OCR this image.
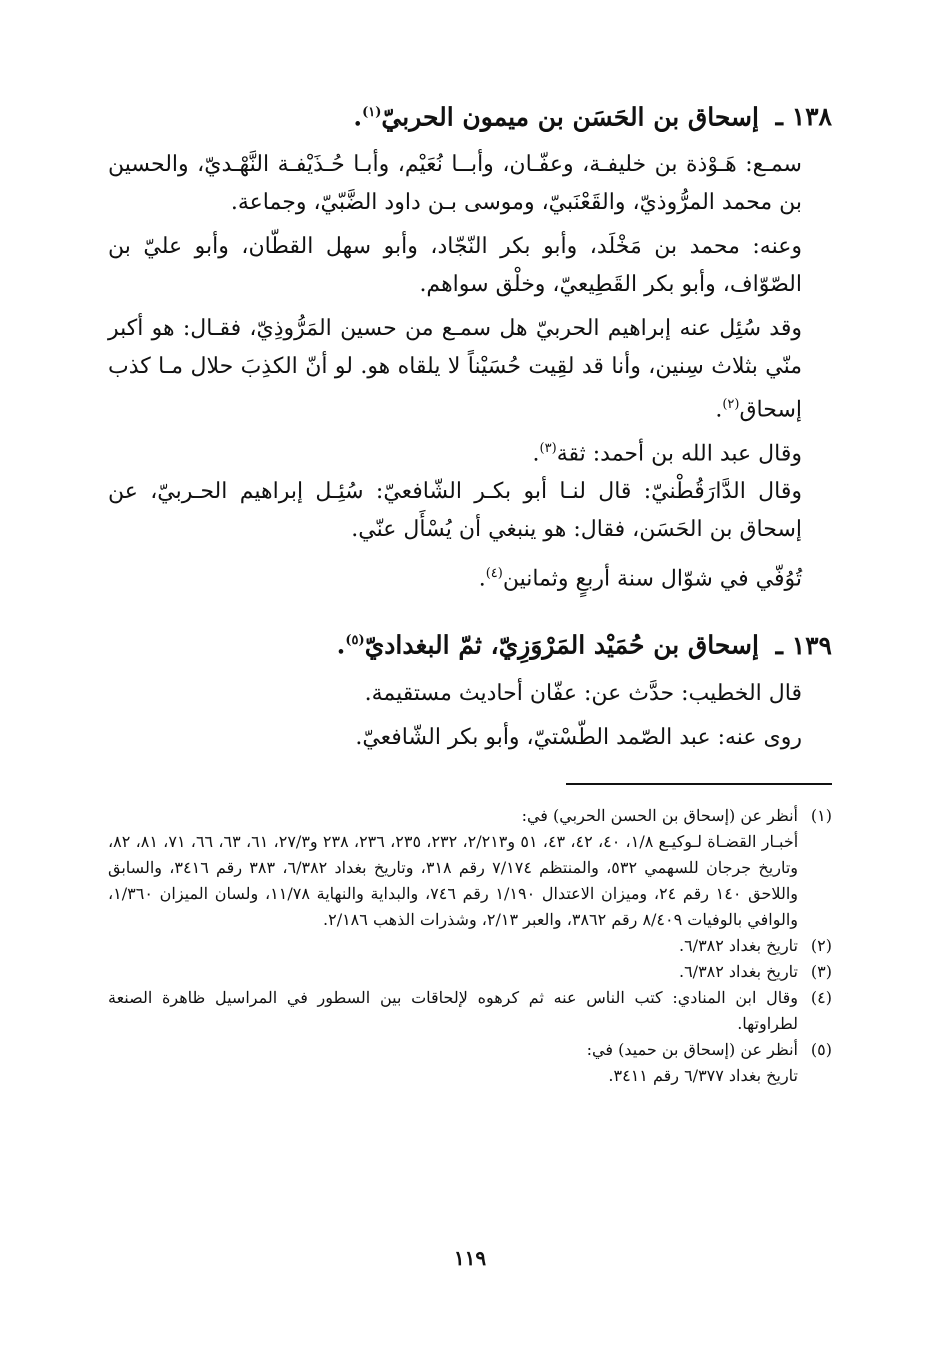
١٣٨ ـ إسحاق بن الحَسَن بن ميمون الحربيّ$^{(١)}$.

سمـع: هَـوْذة بن خليفـة، وعفّـان، وأبــا نُعَيْم، وأبـا حُـذَيْفـة النَّهْـديّ، والحسين بن محمد المرُّوذيّ، والقَعْنَبيّ، وموسى بـن داود الضَّبّيّ، وجماعة.

وعنه: محمد بن مَخْلَد، وأبو بكر النّجّاد، وأبو سهل القطّان، وأبو عليّ بن الصّوّاف، وأبو بكر القَطِيعيّ، وخلْق سواهم.

وقد سُئِل عنه إبراهيم الحربيّ هل سمـع من حسين المَرُّوذِيّ، فقـال: هو أكبر منّي بثلاث سِنين، وأنا قد لقِيت حُسَيْناً لا يلقاه هو. لو أنّ الكذِبَ حلال مـا كذب إسحاق$^{(٢)}$.

وقال عبد الله بن أحمد: ثقة$^{(٣)}$.

وقال الدَّارَقُطْنيّ: قال لنـا أبو بكـر الشّافعيّ: سُئِـل إبراهيم الحـربيّ، عن إسحاق بن الحَسَن، فقال: هو ينبغي أن يُسْأَل عنّي.

تُوُفّي في شوّال سنة أربعٍ وثمانين$^{(٤)}$.

١٣٩ ـ إسحاق بن حُمَيْد المَرْوَزِيّ، ثمّ البغداديّ$^{(٥)}$.

قال الخطيب: حدَّث عن: عفّان أحاديث مستقيمة.

روى عنه: عبد الصّمد الطّسْتيّ، وأبو بكر الشّافعيّ.

(١)
أنظر عن (إسحاق بن الحسن الحربي) في:
أخبـار القضـاة لـوكيـع ١/٨، ٤٠، ٤٢، ٤٣، ٥١ و٢/٢١٣، ٢٣٢، ٢٣٥، ٢٣٦، ٢٣٨ و٢٧/٣، ٦١، ٦٣، ٦٦، ٧١، ٨١، ٨٢، وتاريخ جرجان للسهمي ٥٣٢، والمنتظم ٧/١٧٤ رقم ٣١٨، وتاريخ بغداد ٦/٣٨٢، ٣٨٣ رقم ٣٤١٦، والسابق واللاحق ١٤٠ رقم ٢٤، وميزان الاعتدال ١/١٩٠ رقم ٧٤٦، والبداية والنهاية ١١/٧٨، ولسان الميزان ١/٣٦٠، والوافي بالوفيات ٨/٤٠٩ رقم ٣٨٦٢، والعبر ٢/١٣، وشذرات الذهب ٢/١٨٦.
(٢)
تاريخ بغداد ٦/٣٨٢.
(٣)
تاريخ بغداد ٦/٣٨٢.
(٤)
وقال ابن المنادي: كتب الناس عنه ثم كرهوه لإلحاقات بين السطور في المراسيل ظاهرة الصنعة لطراوتها.
(٥)
أنظر عن (إسحاق بن حميد) في:
تاريخ بغداد ٦/٣٧٧ رقم ٣٤١١.
١١٩
